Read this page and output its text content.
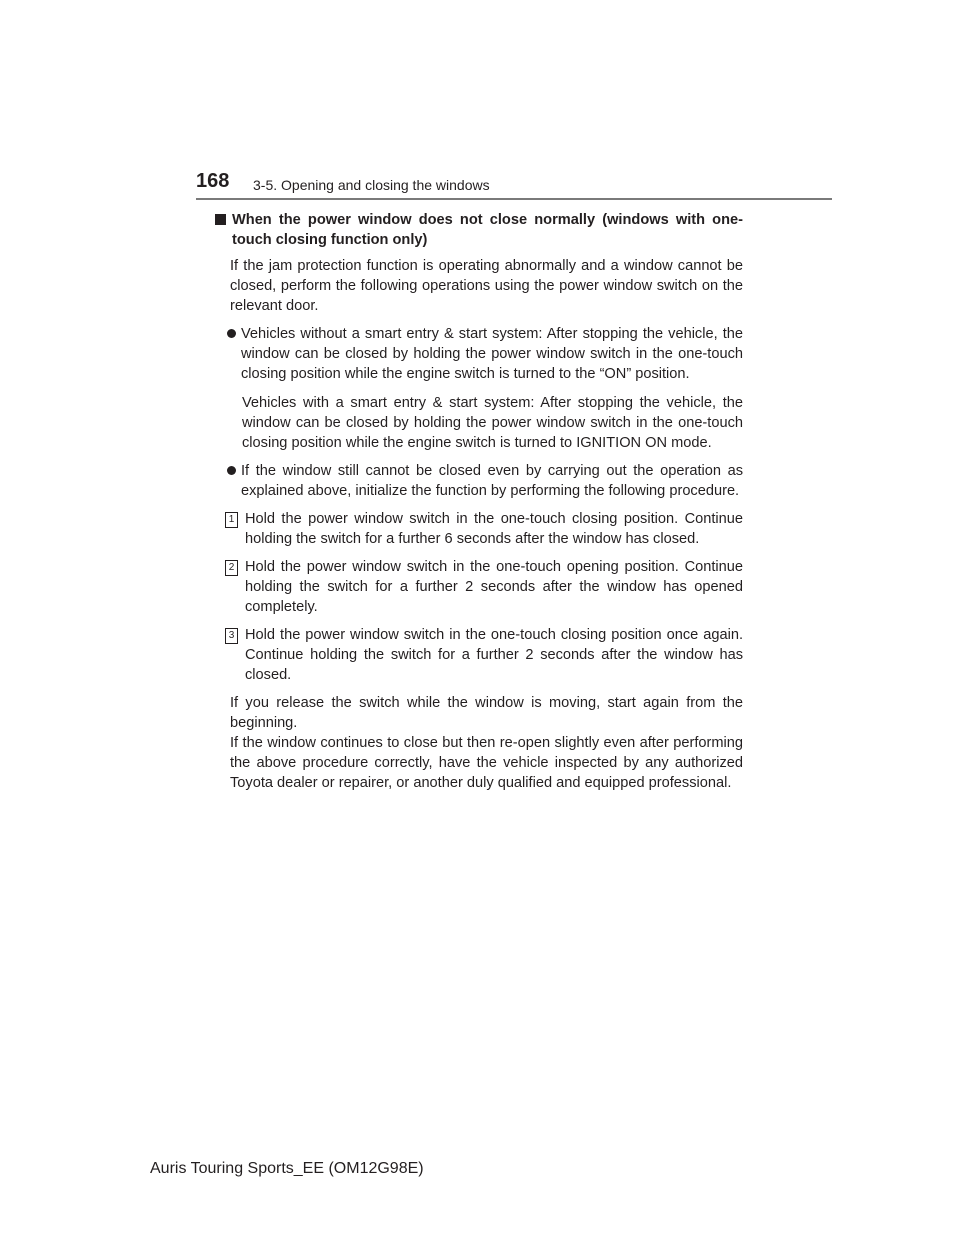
168 3-5. Opening and closing the windows
When the power window does not close normally (windows with one-touch closing function only)
If the jam protection function is operating abnormally and a window cannot be closed, perform the following operations using the power window switch on the relevant door.
Vehicles without a smart entry & start system: After stopping the vehicle, the window can be closed by holding the power window switch in the one-touch closing position while the engine switch is turned to the “ON” position.
Vehicles with a smart entry & start system: After stopping the vehicle, the window can be closed by holding the power window switch in the one-touch closing position while the engine switch is turned to IGNITION ON mode.
If the window still cannot be closed even by carrying out the operation as explained above, initialize the function by performing the following procedure.
1 Hold the power window switch in the one-touch closing position. Continue holding the switch for a further 6 seconds after the window has closed.
2 Hold the power window switch in the one-touch opening position. Continue holding the switch for a further 2 seconds after the window has opened completely.
3 Hold the power window switch in the one-touch closing position once again. Continue holding the switch for a further 2 seconds after the window has closed.
If you release the switch while the window is moving, start again from the beginning.
If the window continues to close but then re-open slightly even after performing the above procedure correctly, have the vehicle inspected by any authorized Toyota dealer or repairer, or another duly qualified and equipped professional.
Auris Touring Sports_EE (OM12G98E)
